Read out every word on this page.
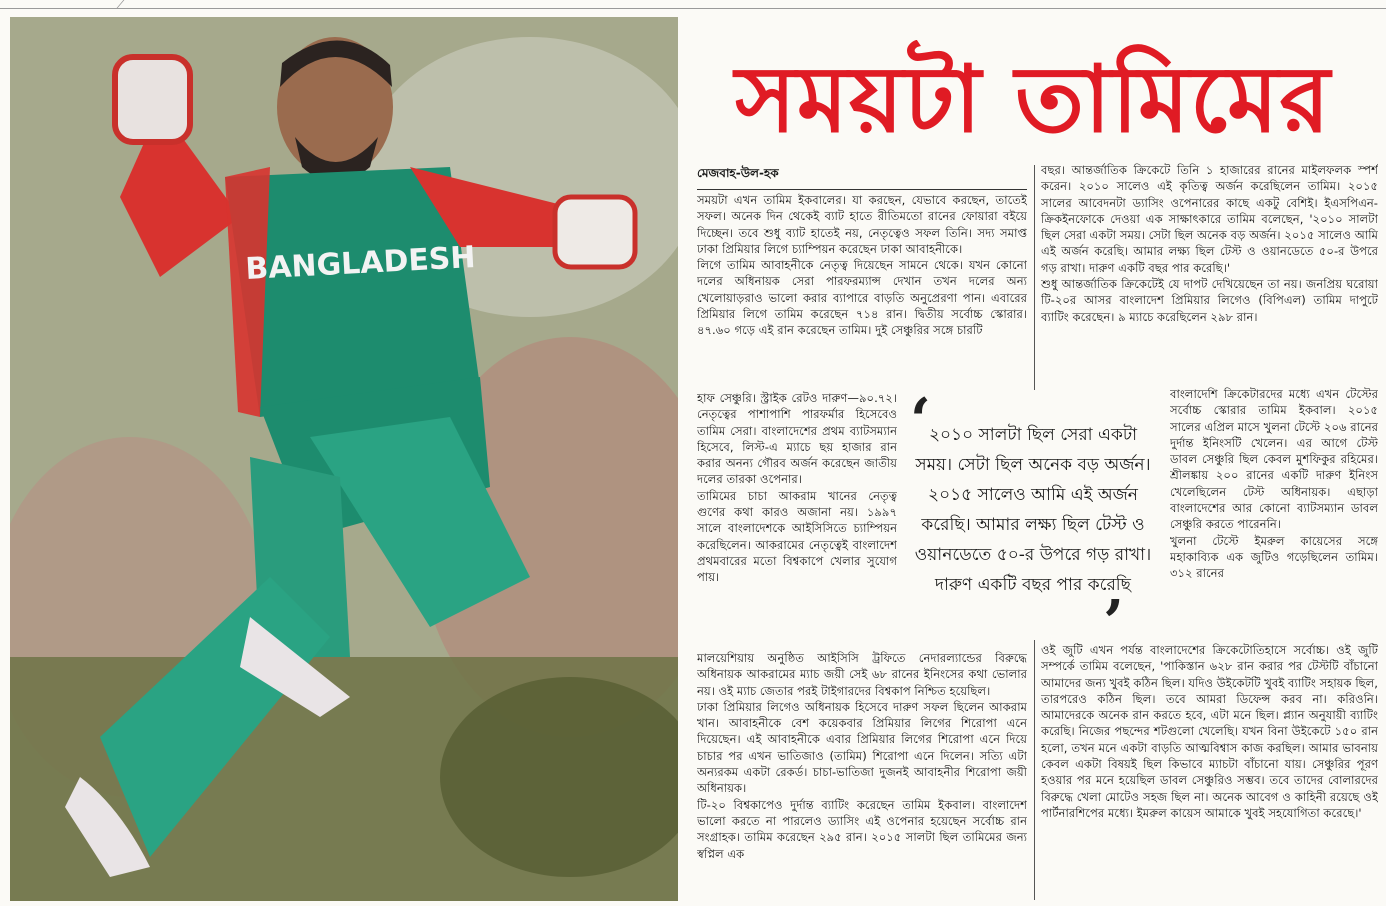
BANGLADESH
সময়টা তামিমের
মেজবাহ-উল-হক

সময়টা এখন তামিম ইকবালের। যা করছেন, যেভাবে করছেন, তাতেই সফল। অনেক দিন থেকেই ব্যাট হাতে রীতিমতো রানের ফোয়ারা বইয়ে দিচ্ছেন। তবে শুধু ব্যাট হাতেই নয়, নেতৃত্বেও সফল তিনি। সদ্য সমাপ্ত ঢাকা প্রিমিয়ার লিগে চ্যাম্পিয়ন করেছেন ঢাকা আবাহনীকে।

লিগে তামিম আবাহনীকে নেতৃত্ব দিয়েছেন সামনে থেকে। যখন কোনো দলের অধিনায়ক সেরা পারফরম্যান্স দেখান তখন দলের অন্য খেলোয়াড়রাও ভালো করার ব্যাপারে বাড়তি অনুপ্রেরণা পান। এবারের প্রিমিয়ার লিগে তামিম করেছেন ৭১৪ রান। দ্বিতীয় সর্বোচ্চ স্কোরার। ৪৭.৬০ গড়ে এই রান করেছেন তামিম। দুই সেঞ্চুরির সঙ্গে চারটি

হাফ সেঞ্চুরি। স্ট্রাইক রেটও দারুণ—৯০.৭২। নেতৃত্বের পাশাপাশি পারফর্মার হিসেবেও তামিম সেরা। বাংলাদেশের প্রথম ব্যাটসম্যান হিসেবে, লিস্ট-এ ম্যাচে ছয় হাজার রান করার অনন্য গৌরব অর্জন করেছেন জাতীয় দলের তারকা ওপেনার।

তামিমের চাচা আকরাম খানের নেতৃত্ব গুণের কথা কারও অজানা নয়। ১৯৯৭ সালে বাংলাদেশকে আইসিসিতে চ্যাম্পিয়ন করেছিলেন। আকরামের নেতৃত্বেই বাংলাদেশ প্রথমবারের মতো বিশ্বকাপে খেলার সুযোগ পায়।

মালয়েশিয়ায় অনুষ্ঠিত আইসিসি ট্রফিতে নেদারল্যান্ডের বিরুদ্ধে অধিনায়ক আকরামের ম্যাচ জয়ী সেই ৬৮ রানের ইনিংসের কথা ভোলার নয়। ওই ম্যাচ জেতার পরই টাইগারদের বিশ্বকাপ নিশ্চিত হয়েছিল।

ঢাকা প্রিমিয়ার লিগেও অধিনায়ক হিসেবে দারুণ সফল ছিলেন আকরাম খান। আবাহনীকে বেশ কয়েকবার প্রিমিয়ার লিগের শিরোপা এনে দিয়েছেন। এই আবাহনীকে এবার প্রিমিয়ার লিগের শিরোপা এনে দিয়ে চাচার পর এখন ভাতিজাও (তামিম) শিরোপা এনে দিলেন। সত্যি এটা অন্যরকম একটা রেকর্ড। চাচা-ভাতিজা দুজনই আবাহনীর শিরোপা জয়ী অধিনায়ক।

টি-২০ বিশ্বকাপেও দুর্দান্ত ব্যাটিং করেছেন তামিম ইকবাল। বাংলাদেশ ভালো করতে না পারলেও ড্যাসিং এই ওপেনার হয়েছেন সর্বোচ্চ রান সংগ্রাহক। তামিম করেছেন ২৯৫ রান। ২০১৫ সালটা ছিল তামিমের জন্য স্বপ্নিল এক

বছর। আন্তর্জাতিক ক্রিকেটে তিনি ১ হাজারের রানের মাইলফলক স্পর্শ করেন। ২০১০ সালেও এই কৃতিত্ব অর্জন করেছিলেন তামিম। ২০১৫ সালের আবেদনটা ড্যাসিং ওপেনারের কাছে একটু বেশিই। ইএসপিএন-ক্রিকইনফোকে দেওয়া এক সাক্ষাৎকারে তামিম বলেছেন, '২০১০ সালটা ছিল সেরা একটা সময়। সেটা ছিল অনেক বড় অর্জন। ২০১৫ সালেও আমি এই অর্জন করেছি। আমার লক্ষ্য ছিল টেস্ট ও ওয়ানডেতে ৫০-র উপরে গড় রাখা। দারুণ একটি বছর পার করেছি।'

শুধু আন্তর্জাতিক ক্রিকেটেই যে দাপট দেখিয়েছেন তা নয়। জনপ্রিয় ঘরোয়া টি-২০র আসর বাংলাদেশ প্রিমিয়ার লিগেও (বিপিএল) তামিম দাপুটে ব্যাটিং করেছেন। ৯ ম্যাচে করেছিলেন ২৯৮ রান।

বাংলাদেশি ক্রিকেটারদের মধ্যে এখন টেস্টের সর্বোচ্চ স্কোরার তামিম ইকবাল। ২০১৫ সালের এপ্রিল মাসে খুলনা টেস্টে ২০৬ রানের দুর্দান্ত ইনিংসটি খেলেন। এর আগে টেস্ট ডাবল সেঞ্চুরি ছিল কেবল মুশফিকুর রহিমের। শ্রীলঙ্কায় ২০০ রানের একটি দারুণ ইনিংস খেলেছিলেন টেস্ট অধিনায়ক। এছাড়া বাংলাদেশের আর কোনো ব্যাটসম্যান ডাবল সেঞ্চুরি করতে পারেননি।

খুলনা টেস্টে ইমরুল কায়েসের সঙ্গে মহাকাব্যিক এক জুটিও গড়েছিলেন তামিম। ৩১২ রানের

ওই জুটি এখন পর্যন্ত বাংলাদেশের ক্রিকেটোতিহাসে সর্বোচ্চ। ওই জুটি সম্পর্কে তামিম বলেছেন, 'পাকিস্তান ৬২৮ রান করার পর টেস্টটি বাঁচানো আমাদের জন্য খুবই কঠিন ছিল। যদিও উইকেটটি খুবই ব্যাটিং সহায়ক ছিল, তারপরেও কঠিন ছিল। তবে আমরা ডিফেন্স করব না। করিওনি। আমাদেরকে অনেক রান করতে হবে, এটা মনে ছিল। প্ল্যান অনুযায়ী ব্যাটিং করেছি। নিজের পছন্দের শটগুলো খেলেছি। যখন বিনা উইকেটে ১৫০ রান হলো, তখন মনে একটা বাড়তি আত্মবিশ্বাস কাজ করছিল। আমার ভাবনায় কেবল একটা বিষয়ই ছিল কিভাবে ম্যাচটা বাঁচানো যায়। সেঞ্চুরির পূরণ হওয়ার পর মনে হয়েছিল ডাবল সেঞ্চুরিও সম্ভব। তবে তাদের বোলারদের বিরুদ্ধে খেলা মোটেও সহজ ছিল না। অনেক আবেগ ও কাহিনী রয়েছে ওই পার্টনারশিপের মধ্যে। ইমরুল কায়েস আমাকে খুবই সহযোগিতা করেছে।'

‘
২০১০ সালটা ছিল সেরা একটা সময়। সেটা ছিল অনেক বড় অর্জন। ২০১৫ সালেও আমি এই অর্জন করেছি। আমার লক্ষ্য ছিল টেস্ট ও ওয়ানডেতে ৫০-র উপরে গড় রাখা। দারুণ একটি বছর পার করেছি
’
